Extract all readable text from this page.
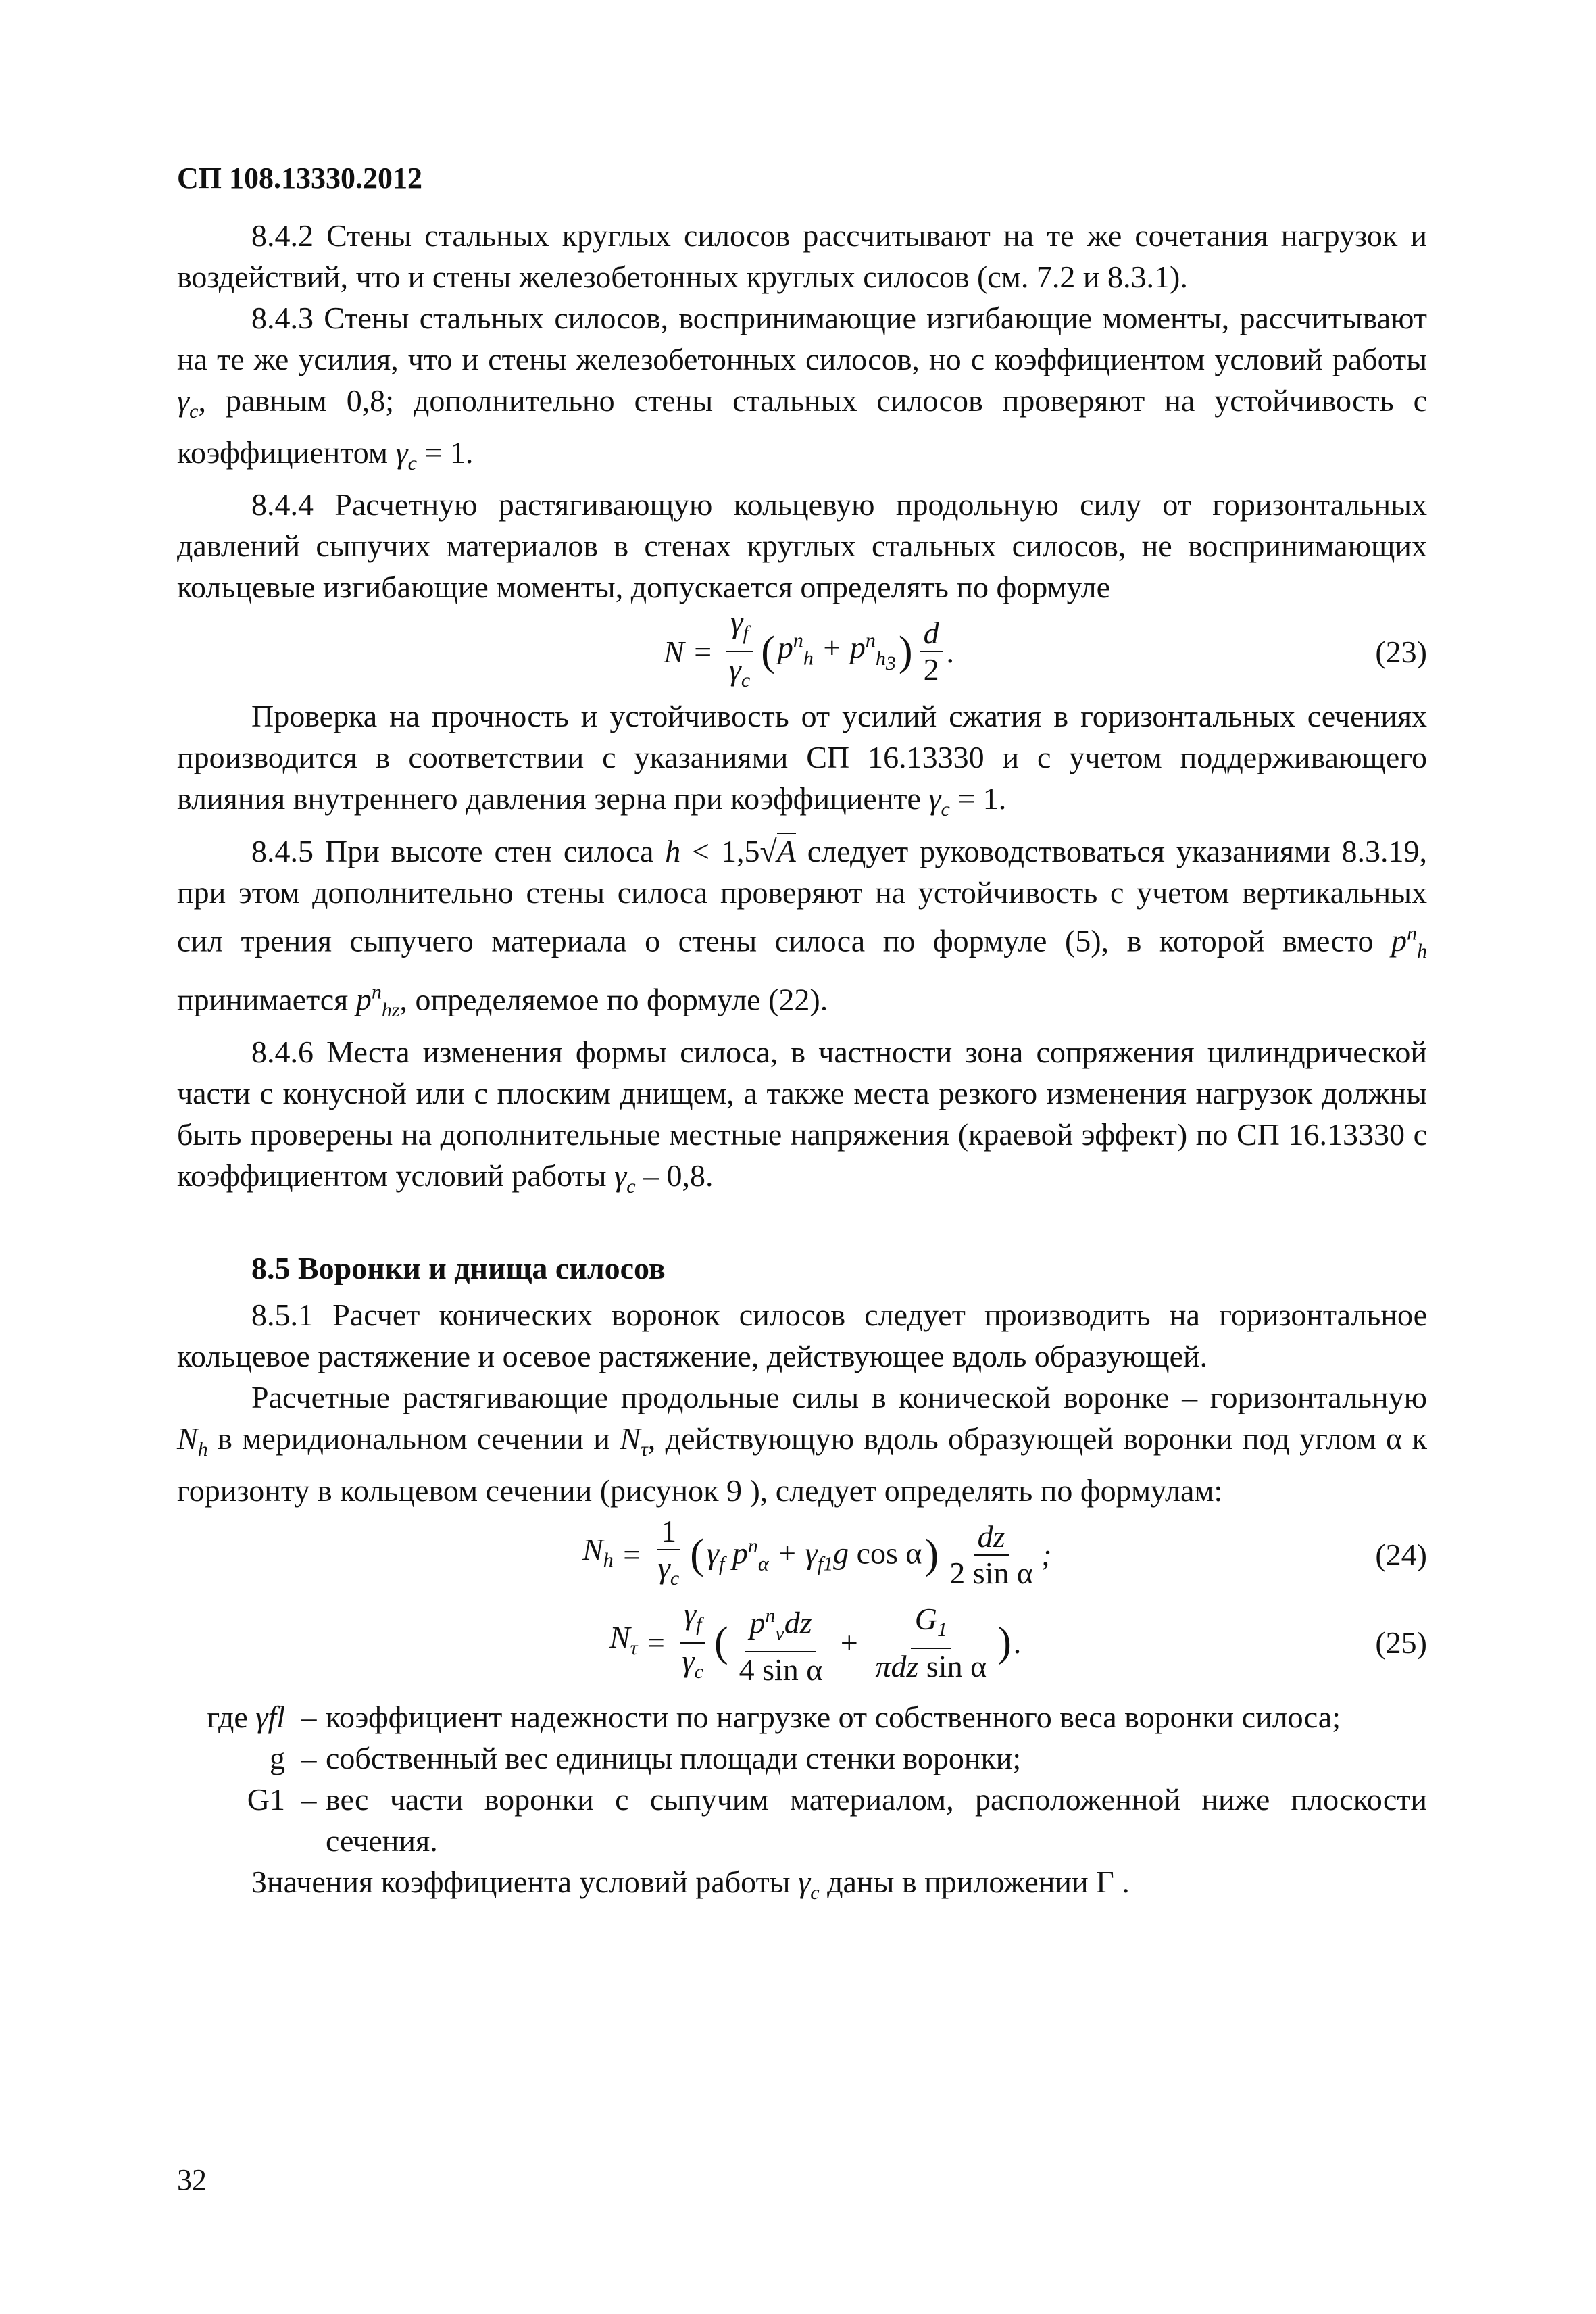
СП 108.13330.2012

8.4.2 Стены стальных круглых силосов рассчитывают на те же сочетания нагрузок и воздействий, что и стены железобетонных круглых силосов (см. 7.2 и 8.3.1).

8.4.3 Стены стальных силосов, воспринимающие изгибающие моменты, рассчитывают на те же усилия, что и стены железобетонных силосов, но с коэффициентом условий работы $\gamma_c$, равным 0,8; дополнительно стены стальных силосов проверяют на устойчивость с коэффициентом $\gamma_c = 1$.

8.4.4 Расчетную растягивающую кольцевую продольную силу от горизонтальных давлений сыпучих материалов в стенах круглых стальных силосов, не воспринимающих кольцевые изгибающие моменты, допускается определять по формуле

$N = \frac{\gamma_f}{\gamma_c}$ ( $p^n_h + p^n_{h_3}$ ) $\frac{d}{2}$ .	(23)

Проверка на прочность и устойчивость от усилий сжатия в горизонтальных сечениях производится в соответствии с указаниями СП 16.13330 и с учетом поддерживающего влияния внутреннего давления зерна при коэффициенте $\gamma_c = 1$.

8.4.5 При высоте стен силоса h < 1,5√A следует руководствоваться указаниями 8.3.19, при этом дополнительно стены силоса проверяют на устойчивость с учетом вертикальных сил трения сыпучего материала о стены силоса по формуле (5), в которой вместо $p^n_h$ принимается $p^n_{hz}$, определяемое по формуле (22).

8.4.6 Места изменения формы силоса, в частности зона сопряжения цилиндрической части с конусной или с плоским днищем, а также места резкого изменения нагрузок должны быть проверены на дополнительные местные напряжения (краевой эффект) по СП 16.13330 с коэффициентом условий работы $\gamma_c - 0,8$.

8.5 Воронки и днища силосов

8.5.1 Расчет конических воронок силосов следует производить на горизонтальное кольцевое растяжение и осевое растяжение, действующее вдоль образующей.

Расчетные растягивающие продольные силы в конической воронке – горизонтальную $N_h$ в меридиональном сечении и $N_\tau$, действующую вдоль образующей воронки под углом α к горизонту в кольцевом сечении (рисунок 9 ), следует определять по формулам:

$N_h = \frac{1}{\gamma_c}$ ( $\gamma_f$ $p^n_\alpha + \gamma_{f1}g$ cos α ) $\frac{dz}{\text{2 sin α}}$ ;	(24)
$N_\tau = \frac{\gamma_f}{\gamma_c}$ ( $\frac{p^n_vdz}{\text{4 sin α}} + \frac{G_1}{\text{πdz sin α}}$ ) .	(25)
где γfl – коэффициент надежности по нагрузке от собственного веса воронки силоса;
g – собственный вес единицы площади стенки воронки;
G1 – вес части воронки с сыпучим материалом, расположенной ниже плоскости сечения.

Значения коэффициента условий работы $\gamma_c$ даны в приложении Г .

32
